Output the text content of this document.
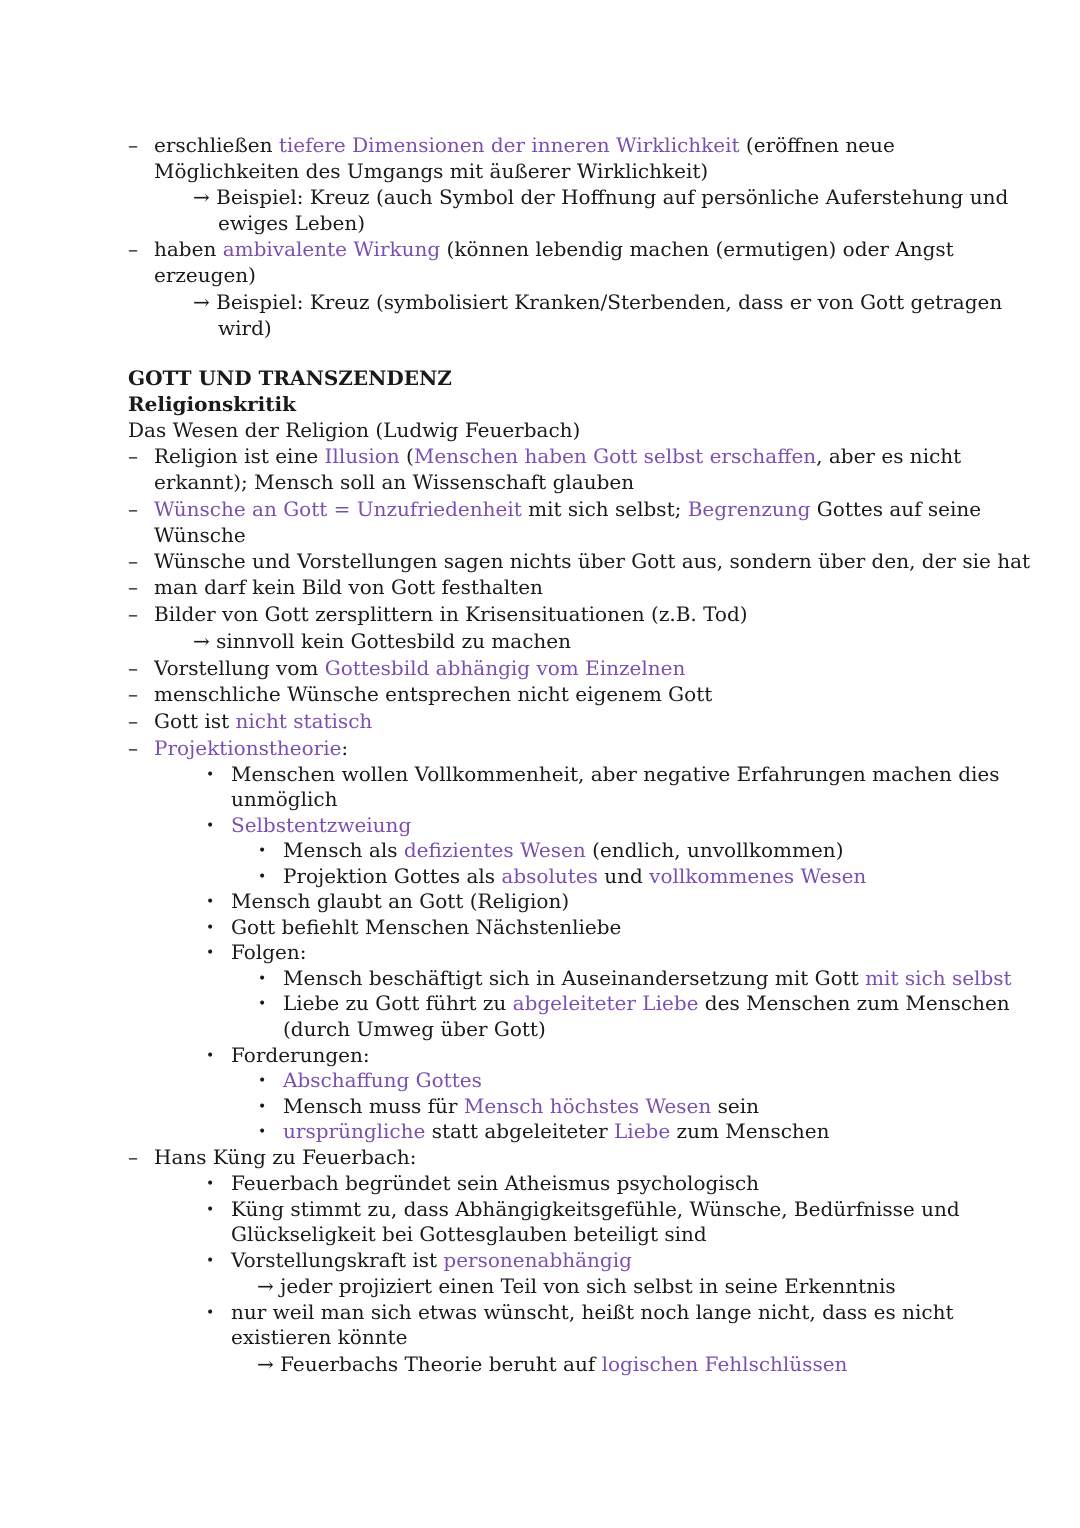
– erschließen tiefere Dimensionen der inneren Wirklichkeit (eröffnen neue
Möglichkeiten des Umgangs mit äußerer Wirklichkeit)
→ Beispiel: Kreuz (auch Symbol der Hoffnung auf persönliche Auferstehung und
ewiges Leben)
– haben ambivalente Wirkung (können lebendig machen (ermutigen) oder Angst
erzeugen)
→ Beispiel: Kreuz (symbolisiert Kranken/Sterbenden, dass er von Gott getragen
wird)
GOTT UND TRANSZENDENZ
Religionskritik
Das Wesen der Religion (Ludwig Feuerbach)
– Religion ist eine Illusion (Menschen haben Gott selbst erschaffen, aber es nicht
erkannt); Mensch soll an Wissenschaft glauben
– Wünsche an Gott = Unzufriedenheit mit sich selbst; Begrenzung Gottes auf seine
Wünsche
– Wünsche und Vorstellungen sagen nichts über Gott aus, sondern über den, der sie hat
– man darf kein Bild von Gott festhalten
– Bilder von Gott zersplittern in Krisensituationen (z.B. Tod)
→ sinnvoll kein Gottesbild zu machen
– Vorstellung vom Gottesbild abhängig vom Einzelnen
– menschliche Wünsche entsprechen nicht eigenem Gott
– Gott ist nicht statisch
– Projektionstheorie:
• Menschen wollen Vollkommenheit, aber negative Erfahrungen machen dies
unmöglich
• Selbstentzweiung
• Mensch als defizientes Wesen (endlich, unvollkommen)
• Projektion Gottes als absolutes und vollkommenes Wesen
• Mensch glaubt an Gott (Religion)
• Gott befiehlt Menschen Nächstenliebe
• Folgen:
• Mensch beschäftigt sich in Auseinandersetzung mit Gott mit sich selbst
• Liebe zu Gott führt zu abgeleiteter Liebe des Menschen zum Menschen
(durch Umweg über Gott)
• Forderungen:
• Abschaffung Gottes
• Mensch muss für Mensch höchstes Wesen sein
• ursprüngliche statt abgeleiteter Liebe zum Menschen
– Hans Küng zu Feuerbach:
• Feuerbach begründet sein Atheismus psychologisch
• Küng stimmt zu, dass Abhängigkeitsgefühle, Wünsche, Bedürfnisse und
Glückseligkeit bei Gottesglauben beteiligt sind
• Vorstellungskraft ist personenabhängig
→ jeder projiziert einen Teil von sich selbst in seine Erkenntnis
• nur weil man sich etwas wünscht, heißt noch lange nicht, dass es nicht
existieren könnte
→ Feuerbachs Theorie beruht auf logischen Fehlschlüssen
